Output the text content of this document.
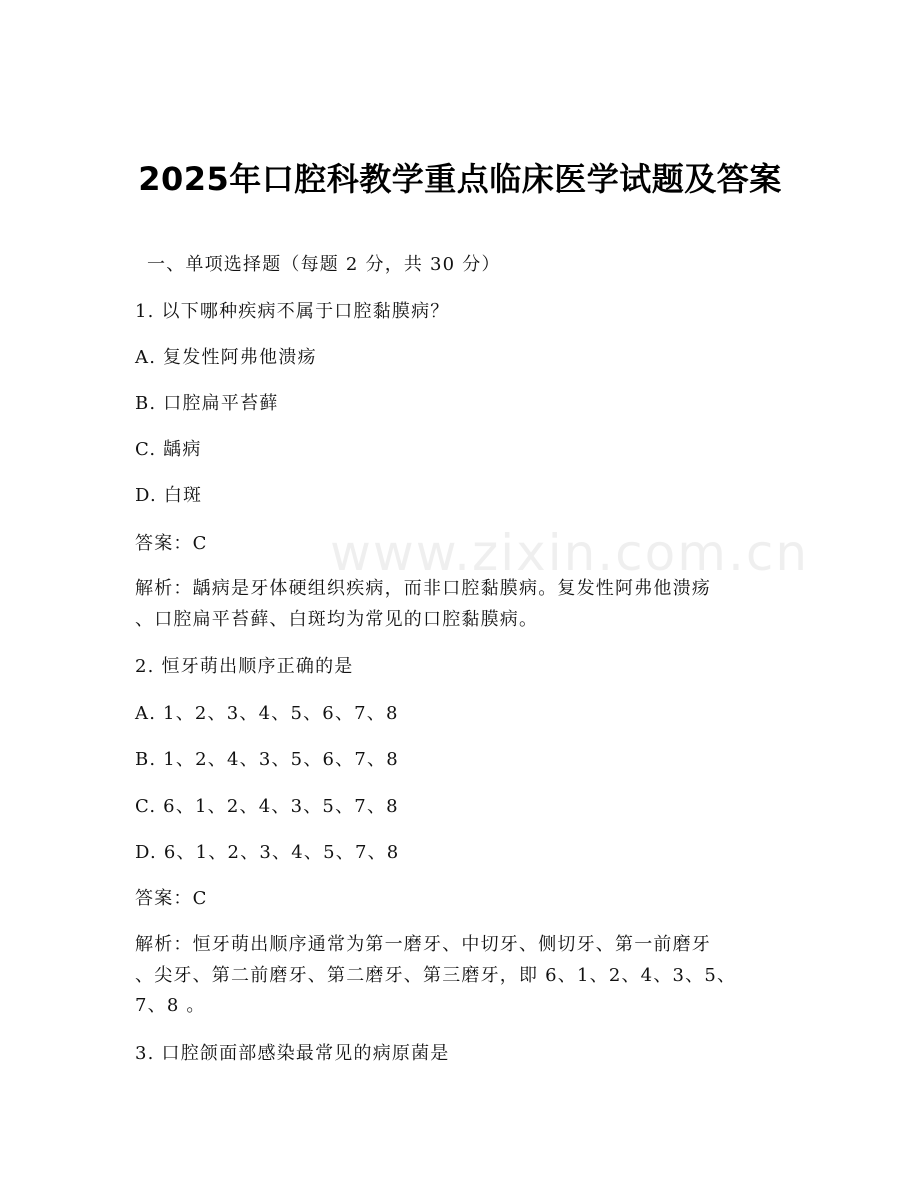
www.zixin.com.cn
2025年口腔科教学重点临床医学试题及答案
一、单项选择题（每题 2 分，共 30 分）
1. 以下哪种疾病不属于口腔黏膜病？
A. 复发性阿弗他溃疡
B. 口腔扁平苔藓
C. 龋病
D. 白斑
答案：C
解析：龋病是牙体硬组织疾病，而非口腔黏膜病。复发性阿弗他溃疡
、口腔扁平苔藓、白斑均为常见的口腔黏膜病。
2. 恒牙萌出顺序正确的是
A. 1、2、3、4、5、6、7、8
B. 1、2、4、3、5、6、7、8
C. 6、1、2、4、3、5、7、8
D. 6、1、2、3、4、5、7、8
答案：C
解析：恒牙萌出顺序通常为第一磨牙、中切牙、侧切牙、第一前磨牙
、尖牙、第二前磨牙、第二磨牙、第三磨牙，即 6、1、2、4、3、5、
7、8 。
3. 口腔颌面部感染最常见的病原菌是
